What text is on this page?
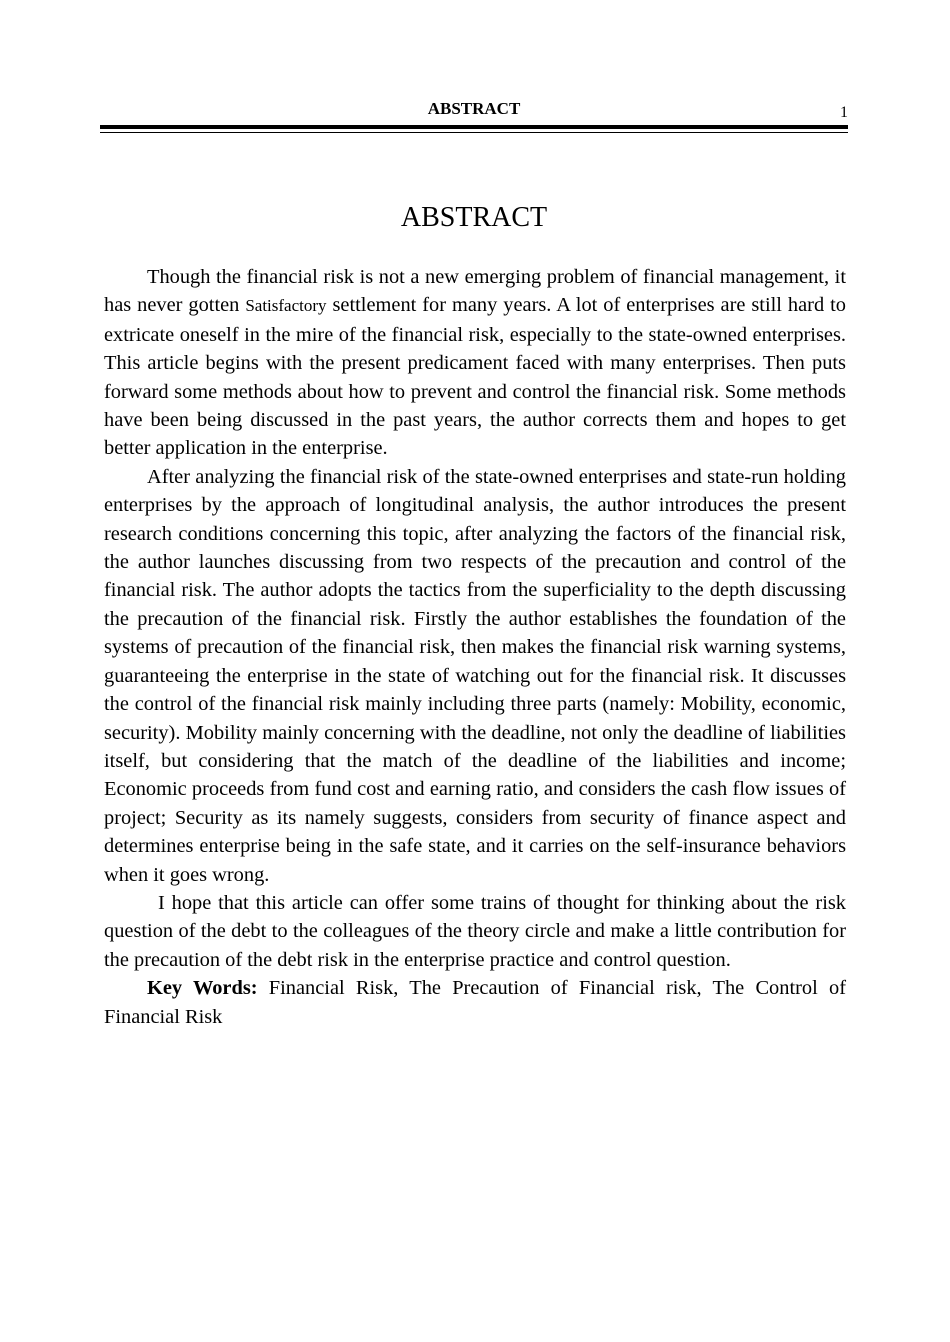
ABSTRACT	1
ABSTRACT

Though the financial risk is not a new emerging problem of financial management, it has never gotten Satisfactory settlement for many years. A lot of enterprises are still hard to extricate oneself in the mire of the financial risk, especially to the state-owned enterprises. This article begins with the present predicament faced with many enterprises. Then puts forward some methods about how to prevent and control the financial risk. Some methods have been being discussed in the past years, the author corrects them and hopes to get better application in the enterprise.

After analyzing the financial risk of the state-owned enterprises and state-run holding enterprises by the approach of longitudinal analysis, the author introduces the present research conditions concerning this topic, after analyzing the factors of the financial risk, the author launches discussing from two respects of the precaution and control of the financial risk. The author adopts the tactics from the superficiality to the depth discussing the precaution of the financial risk. Firstly the author establishes the foundation of the systems of precaution of the financial risk, then makes the financial risk warning systems, guaranteeing the enterprise in the state of watching out for the financial risk. It discusses the control of the financial risk mainly including three parts (namely: Mobility, economic, security). Mobility mainly concerning with the deadline, not only the deadline of liabilities itself, but considering that the match of the deadline of the liabilities and income; Economic proceeds from fund cost and earning ratio, and considers the cash flow issues of project; Security as its namely suggests, considers from security of finance aspect and determines enterprise being in the safe state, and it carries on the self-insurance behaviors when it goes wrong.

I hope that this article can offer some trains of thought for thinking about the risk question of the debt to the colleagues of the theory circle and make a little contribution for the precaution of the debt risk in the enterprise practice and control question.

Key Words: Financial Risk, The Precaution of Financial risk, The Control of Financial Risk
